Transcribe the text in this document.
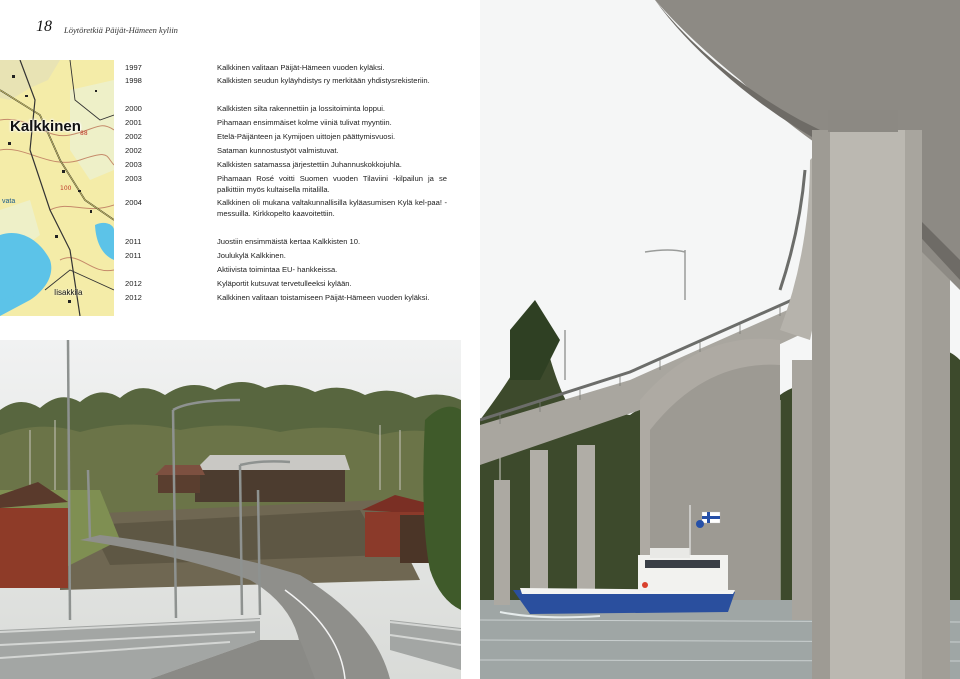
18 Löytöretkiä Päijät-Hämeen kyliin
88
100
Kalkkinen
Iisakkila
vata
1997	Kalkkinen valitaan Päijät-Hämeen vuoden kyläksi.
1998	Kalkkisten seudun kyläyhdistys ry merkitään yhdistysrekisteriin.
2000	Kalkkisten silta rakennettiin ja lossitoiminta loppui.
2001	Pihamaan ensimmäiset kolme viiniä tulivat myyntiin.
2002	Etelä-Päijänteen ja Kymijoen uittojen päättymisvuosi.
2002	Sataman kunnostustyöt valmistuvat.
2003	Kalkkisten satamassa järjestettiin Juhannuskokkojuhla.
2003	Pihamaan Rosé voitti Suomen vuoden Tilaviini -kilpailun ja se palkittiin myös kultaisella mitalilla.
2004	Kalkkinen oli mukana valtakunnallisilla kyläasumisen Kylä kel-paa! -messuilla. Kirkkopelto kaavoitettiin.
2011	Juostiin ensimmäistä kertaa Kalkkisten 10.
2011	Joulukylä Kalkkinen.
Aktiivista toimintaa EU- hankkeissa.
2012	Kyläportit kutsuvat tervetulleeksi kylään.
2012	Kalkkinen valitaan toistamiseen Päijät-Hämeen vuoden kyläksi.
